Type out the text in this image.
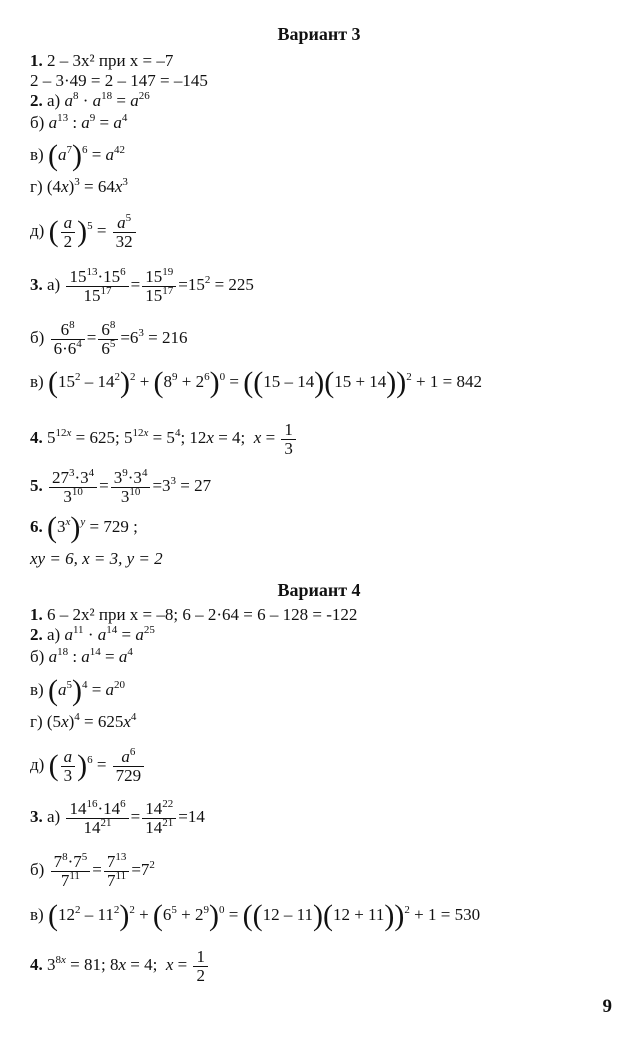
Вариант 3
1. 2 – 3x² при x = –7
2 – 3·49 = 2 – 147 = –145
2. а) $a^8 \cdot a^{18} = a^{26}$
б) $a^{13}$ : $a^9 = a^4$
в) $(a^7)^6 = a^{42}$
г) $(4x)^3 = 64x^3$
д) ( $\frac{a}{2} )^5 = \frac{a^5}{32}$
3. $а) \frac{15^{13}\cdot 15^6}{15^{17}} = \frac{15^{19}}{15^{17}} =15^2 = 225$
$б) \frac{6^8}{6\cdot 6^4} = \frac{6^8}{6^5} =6^3 = 216$
в) $(15^2 - 14^2)^2 + (8^9 + 2^6)^0 = ((15 - 14)(15 + 14))^2 + 1 = 842$
4. $5^{12x} = 625$; $5^{12x} = 5^4$; 12x = 4;  $x = \frac{1}{3}$
5. $\frac{27^3\cdot 3^4}{3^{10}} = \frac{3^9\cdot 3^4}{3^{10}} =3^3 = 27$
6. $(3^x)^y = 729$ ;
xy = 6, x = 3, y = 2
Вариант 4
1. 6 – 2x² при x = –8; 6 – 2·64 = 6 – 128 = -122
2. а) $a^{11} \cdot a^{14} = a^{25}$
б) $a^{18}$ : $a^{14} = a^4$
в) $(a^5)^4 = a^{20}$
г) $(5x)^4 = 625x^4$
д) ( $\frac{a}{3} )^6 = \frac{a^6}{729}$
3. $а) \frac{14^{16}\cdot 14^6}{14^{21}} = \frac{14^{22}}{14^{21}} =14$
$б) \frac{7^8\cdot 7^5}{7^{11}} = \frac{7^{13}}{7^{11}} =7^2$
в) $(12^2 - 11^2)^2 + (6^5 + 2^9)^0 = ((12 - 11)(12 + 11))^2 + 1 = 530$
4. $3^{8x} = 81$; 8x = 4;  $x = \frac{1}{2}$
9
